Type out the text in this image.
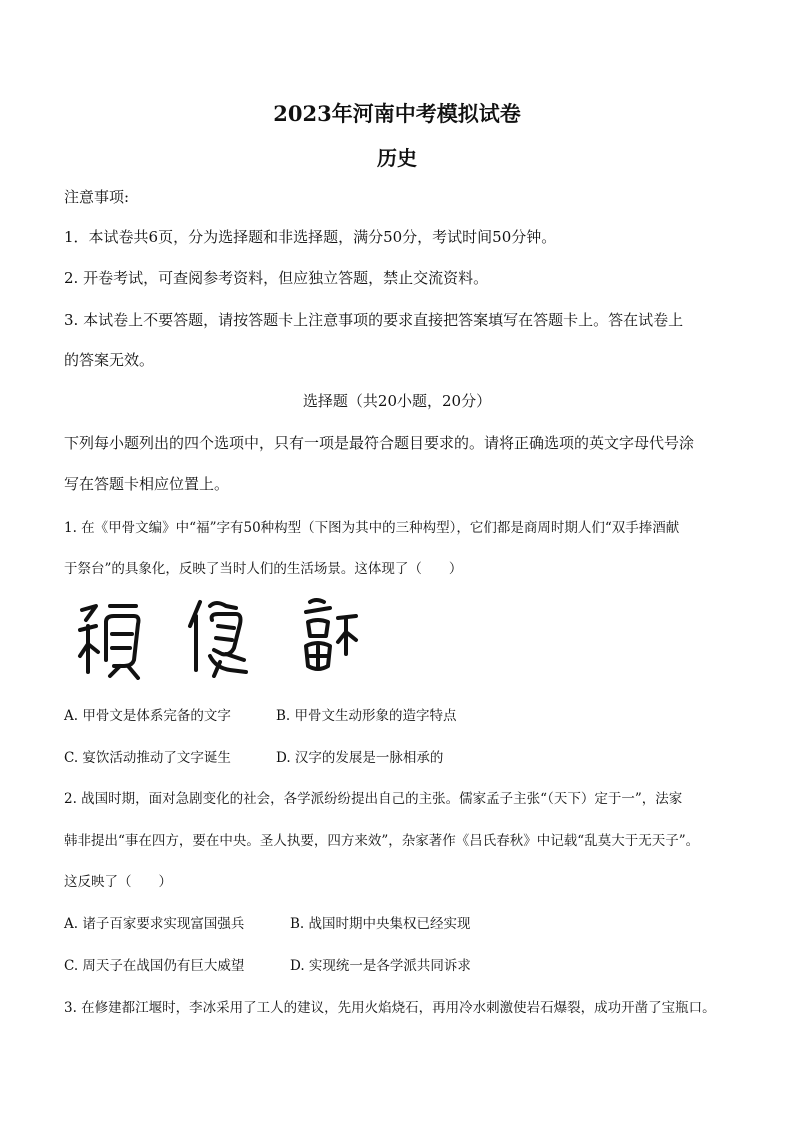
2023年河南中考模拟试卷
历史
注意事项:
1．本试卷共6页，分为选择题和非选择题，满分50分，考试时间50分钟。
2. 开卷考试，可查阅参考资料，但应独立答题，禁止交流资料。
3. 本试卷上不要答题，请按答题卡上注意事项的要求直接把答案填写在答题卡上。答在试卷上
的答案无效。
选择题（共20小题，20分）
下列每小题列出的四个选项中，只有一项是最符合题目要求的。请将正确选项的英文字母代号涂
写在答题卡相应位置上。
1. 在《甲骨文编》中“福”字有50种构型（下图为其中的三种构型），它们都是商周时期人们“双手捧酒献
于祭台”的具象化，反映了当时人们的生活场景。这体现了（　　）
A. 甲骨文是体系完备的文字	B. 甲骨文生动形象的造字特点
C. 宴饮活动推动了文字诞生	D. 汉字的发展是一脉相承的
2. 战国时期，面对急剧变化的社会，各学派纷纷提出自己的主张。儒家孟子主张“（天下）定于一”，法家
韩非提出“事在四方，要在中央。圣人执要，四方来效”，杂家著作《吕氏春秋》中记载“乱莫大于无天子”。
这反映了（　　）
A. 诸子百家要求实现富国强兵	B. 战国时期中央集权已经实现
C. 周天子在战国仍有巨大威望	D. 实现统一是各学派共同诉求
3. 在修建都江堰时，李冰采用了工人的建议，先用火焰烧石，再用冷水刺激使岩石爆裂，成功开凿了宝瓶口。
